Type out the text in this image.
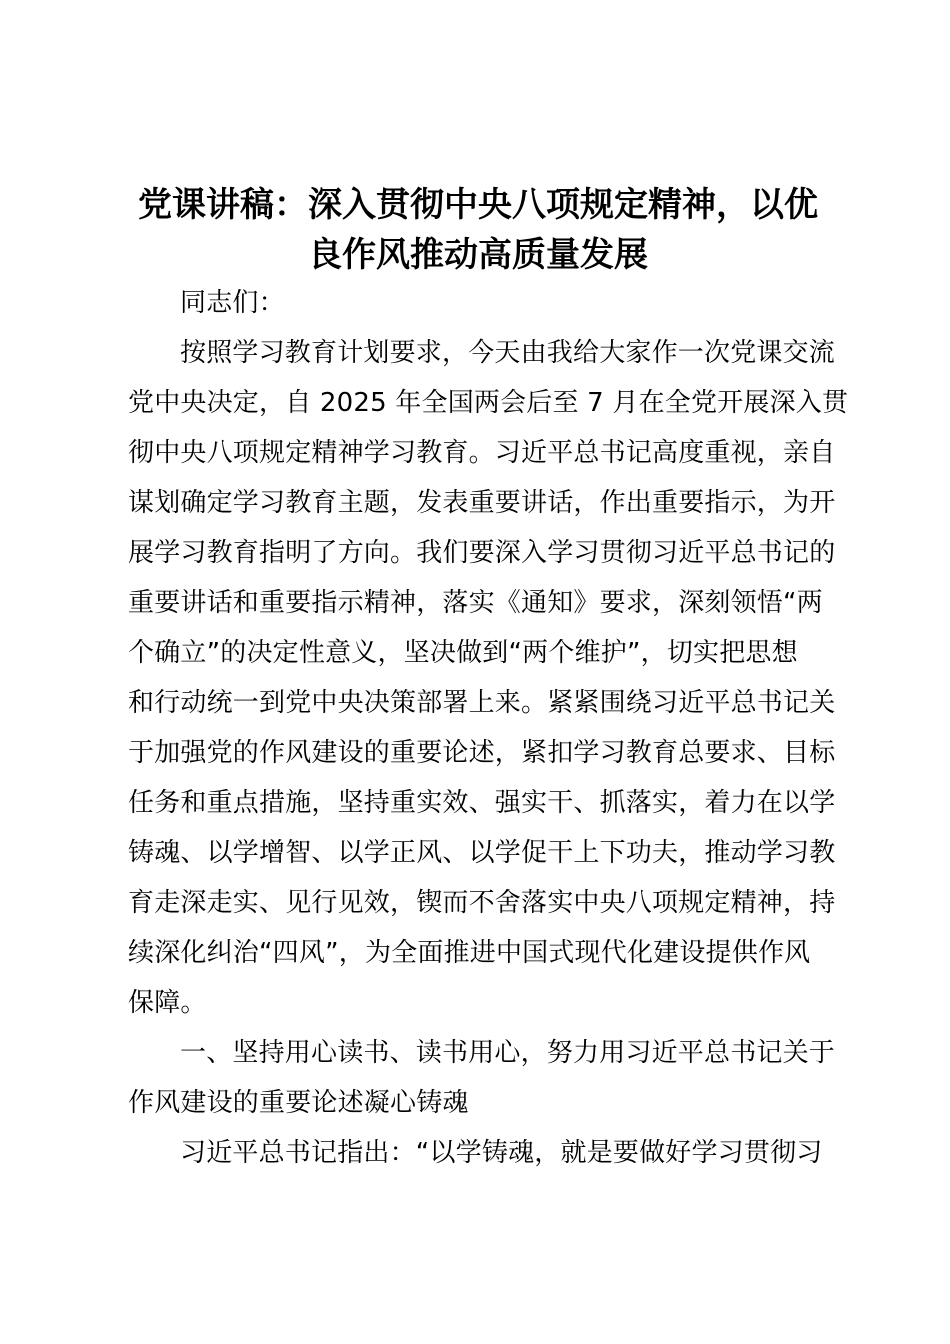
党课讲稿：深入贯彻中央八项规定精神，以优
良作风推动高质量发展

同志们：

按照学习教育计划要求，今天由我给大家作一次党课交流
党中央决定，自 2025 年全国两会后至 7 月在全党开展深入贯
彻中央八项规定精神学习教育。习近平总书记高度重视，亲自
谋划确定学习教育主题，发表重要讲话，作出重要指示，为开
展学习教育指明了方向。我们要深入学习贯彻习近平总书记的
重要讲话和重要指示精神，落实《通知》要求，深刻领悟“两
个确立”的决定性意义，坚决做到“两个维护”，切实把思想
和行动统一到党中央决策部署上来。紧紧围绕习近平总书记关
于加强党的作风建设的重要论述，紧扣学习教育总要求、目标
任务和重点措施，坚持重实效、强实干、抓落实，着力在以学
铸魂、以学增智、以学正风、以学促干上下功夫，推动学习教
育走深走实、见行见效，锲而不舍落实中央八项规定精神，持
续深化纠治“四风”，为全面推进中国式现代化建设提供作风
保障。
一、坚持用心读书、读书用心，努力用习近平总书记关于
作风建设的重要论述凝心铸魂
习近平总书记指出：“以学铸魂，就是要做好学习贯彻习
